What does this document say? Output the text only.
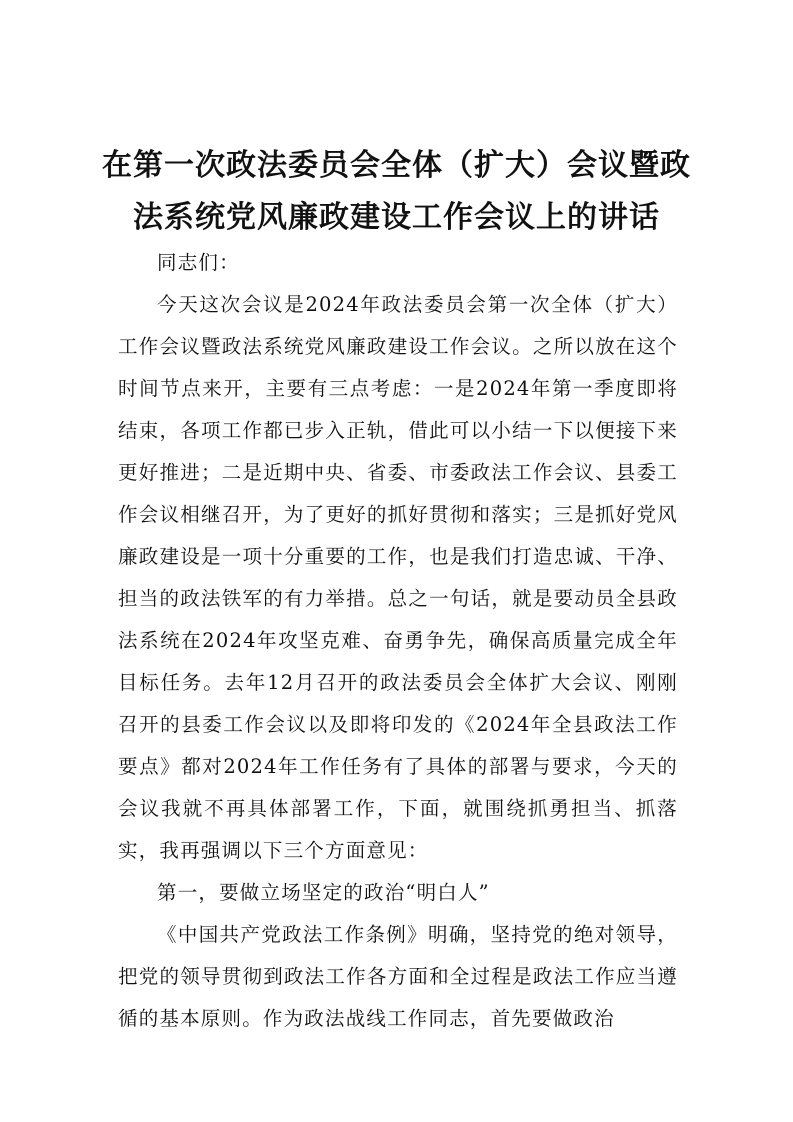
在第一次政法委员会全体（扩大）会议暨政
法系统党风廉政建设工作会议上的讲话

同志们：

今天这次会议是2024年政法委员会第一次全体（扩大）工作会议暨政法系统党风廉政建设工作会议。之所以放在这个时间节点来开，主要有三点考虑：一是2024年第一季度即将结束，各项工作都已步入正轨，借此可以小结一下以便接下来更好推进；二是近期中央、省委、市委政法工作会议、县委工作会议相继召开，为了更好的抓好贯彻和落实；三是抓好党风廉政建设是一项十分重要的工作，也是我们打造忠诚、干净、担当的政法铁军的有力举措。总之一句话，就是要动员全县政法系统在2024年攻坚克难、奋勇争先，确保高质量完成全年目标任务。去年12月召开的政法委员会全体扩大会议、刚刚召开的县委工作会议以及即将印发的《2024年全县政法工作要点》都对2024年工作任务有了具体的部署与要求，今天的会议我就不再具体部署工作，下面，就围绕抓勇担当、抓落实，我再强调以下三个方面意见：

第一，要做立场坚定的政治“明白人”

《中国共产党政法工作条例》明确，坚持党的绝对领导，把党的领导贯彻到政法工作各方面和全过程是政法工作应当遵循的基本原则。作为政法战线工作同志，首先要做政治
